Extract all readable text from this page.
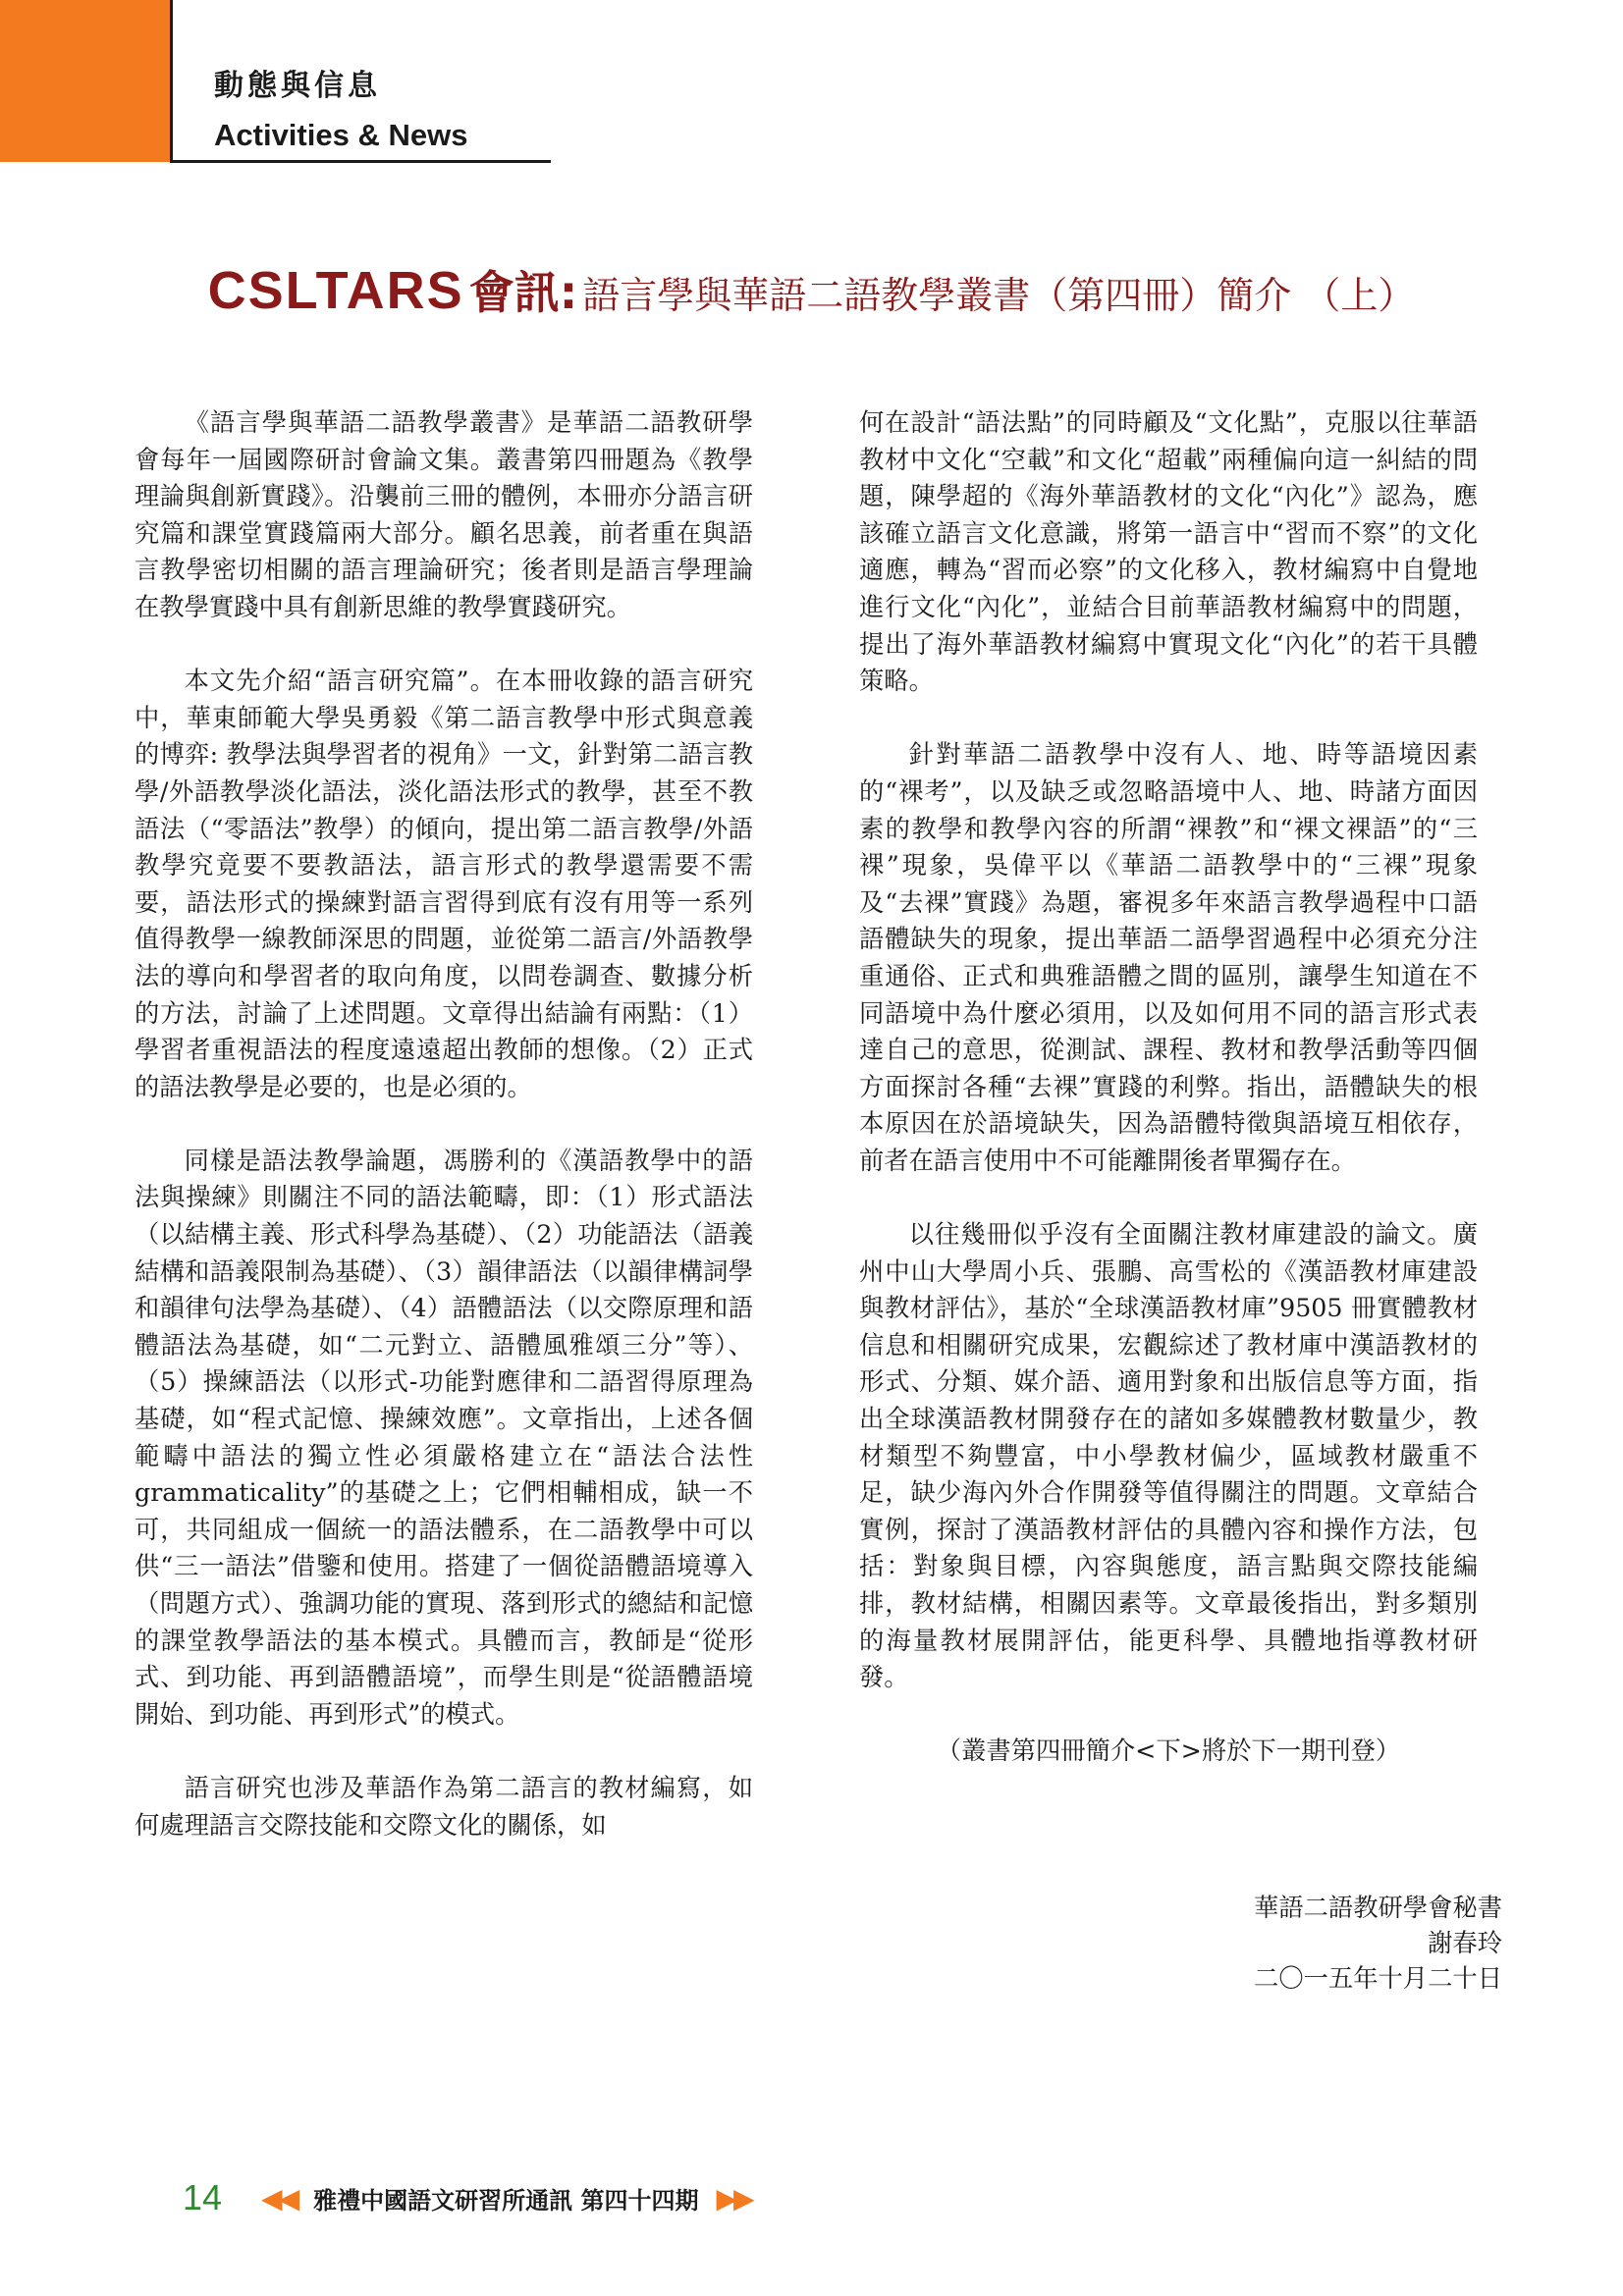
動態與信息
Activities & News
CSLTARS 會訊: 語言學與華語二語教學叢書（第四冊）簡介 （上）

《語言學與華語二語教學叢書》是華語二語教研學會每年一屆國際研討會論文集。叢書第四冊題為《教學理論與創新實踐》。沿襲前三冊的體例，本冊亦分語言研究篇和課堂實踐篇兩大部分。顧名思義，前者重在與語言教學密切相關的語言理論研究；後者則是語言學理論在教學實踐中具有創新思維的教學實踐研究。

本文先介紹“語言研究篇”。在本冊收錄的語言研究中，華東師範大學吳勇毅《第二語言教學中形式與意義的博弈: 教學法與學習者的視角》一文，針對第二語言教學/外語教學淡化語法，淡化語法形式的教學，甚至不教語法（“零語法”教學）的傾向，提出第二語言教學/外語教學究竟要不要教語法，語言形式的教學還需要不需要，語法形式的操練對語言習得到底有沒有用等一系列值得教學一線教師深思的問題，並從第二語言/外語教學法的導向和學習者的取向角度，以問卷調查、數據分析的方法，討論了上述問題。文章得出結論有兩點：（1）學習者重視語法的程度遠遠超出教師的想像。（2）正式的語法教學是必要的，也是必須的。

同樣是語法教學論題，馮勝利的《漢語教學中的語法與操練》則關注不同的語法範疇，即：（1）形式語法（以結構主義、形式科學為基礎）、（2）功能語法（語義結構和語義限制為基礎）、（3）韻律語法（以韻律構詞學和韻律句法學為基礎）、（4）語體語法（以交際原理和語體語法為基礎，如“二元對立、語體風雅頌三分”等）、（5）操練語法（以形式-功能對應律和二語習得原理為基礎，如“程式記憶、操練效應”。文章指出，上述各個範疇中語法的獨立性必須嚴格建立在“語法合法性 grammaticality”的基礎之上；它們相輔相成，缺一不可，共同組成一個統一的語法體系，在二語教學中可以供“三一語法”借鑒和使用。搭建了一個從語體語境導入（問題方式）、強調功能的實現、落到形式的總結和記憶的課堂教學語法的基本模式。具體而言，教師是“從形式、到功能、再到語體語境”，而學生則是“從語體語境開始、到功能、再到形式”的模式。

語言研究也涉及華語作為第二語言的教材編寫，如何處理語言交際技能和交際文化的關係，如

何在設計“語法點”的同時顧及“文化點”，克服以往華語教材中文化“空載”和文化“超載”兩種偏向這一糾結的問題，陳學超的《海外華語教材的文化“內化”》認為，應該確立語言文化意識，將第一語言中“習而不察”的文化適應，轉為“習而必察”的文化移入，教材編寫中自覺地進行文化“內化”，並結合目前華語教材編寫中的問題，提出了海外華語教材編寫中實現文化“內化”的若干具體策略。

針對華語二語教學中沒有人、地、時等語境因素的“裸考”，以及缺乏或忽略語境中人、地、時諸方面因素的教學和教學內容的所謂“裸教”和“裸文裸語”的“三裸”現象，吳偉平以《華語二語教學中的“三裸”現象及“去裸”實踐》為題，審視多年來語言教學過程中口語語體缺失的現象，提出華語二語學習過程中必須充分注重通俗、正式和典雅語體之間的區別，讓學生知道在不同語境中為什麼必須用，以及如何用不同的語言形式表達自己的意思，從測試、課程、教材和教學活動等四個方面探討各種“去裸”實踐的利弊。指出，語體缺失的根本原因在於語境缺失，因為語體特徵與語境互相依存，前者在語言使用中不可能離開後者單獨存在。

以往幾冊似乎沒有全面關注教材庫建設的論文。廣州中山大學周小兵、張鵬、高雪松的《漢語教材庫建設與教材評估》，基於“全球漢語教材庫”9505 冊實體教材信息和相關研究成果，宏觀綜述了教材庫中漢語教材的形式、分類、媒介語、適用對象和出版信息等方面，指出全球漢語教材開發存在的諸如多媒體教材數量少，教材類型不夠豐富，中小學教材偏少，區域教材嚴重不足，缺少海內外合作開發等值得關注的問題。文章結合實例，探討了漢語教材評估的具體內容和操作方法，包括：對象與目標，內容與態度，語言點與交際技能編排，教材結構，相關因素等。文章最後指出，對多類別的海量教材展開評估，能更科學、具體地指導教材研發。

（叢書第四冊簡介<下>將於下一期刊登）

華語二語教研學會秘書
謝春玲
二〇一五年十月二十日
14 ◀◀ 雅禮中國語文研習所通訊 第四十四期 ▶▶
